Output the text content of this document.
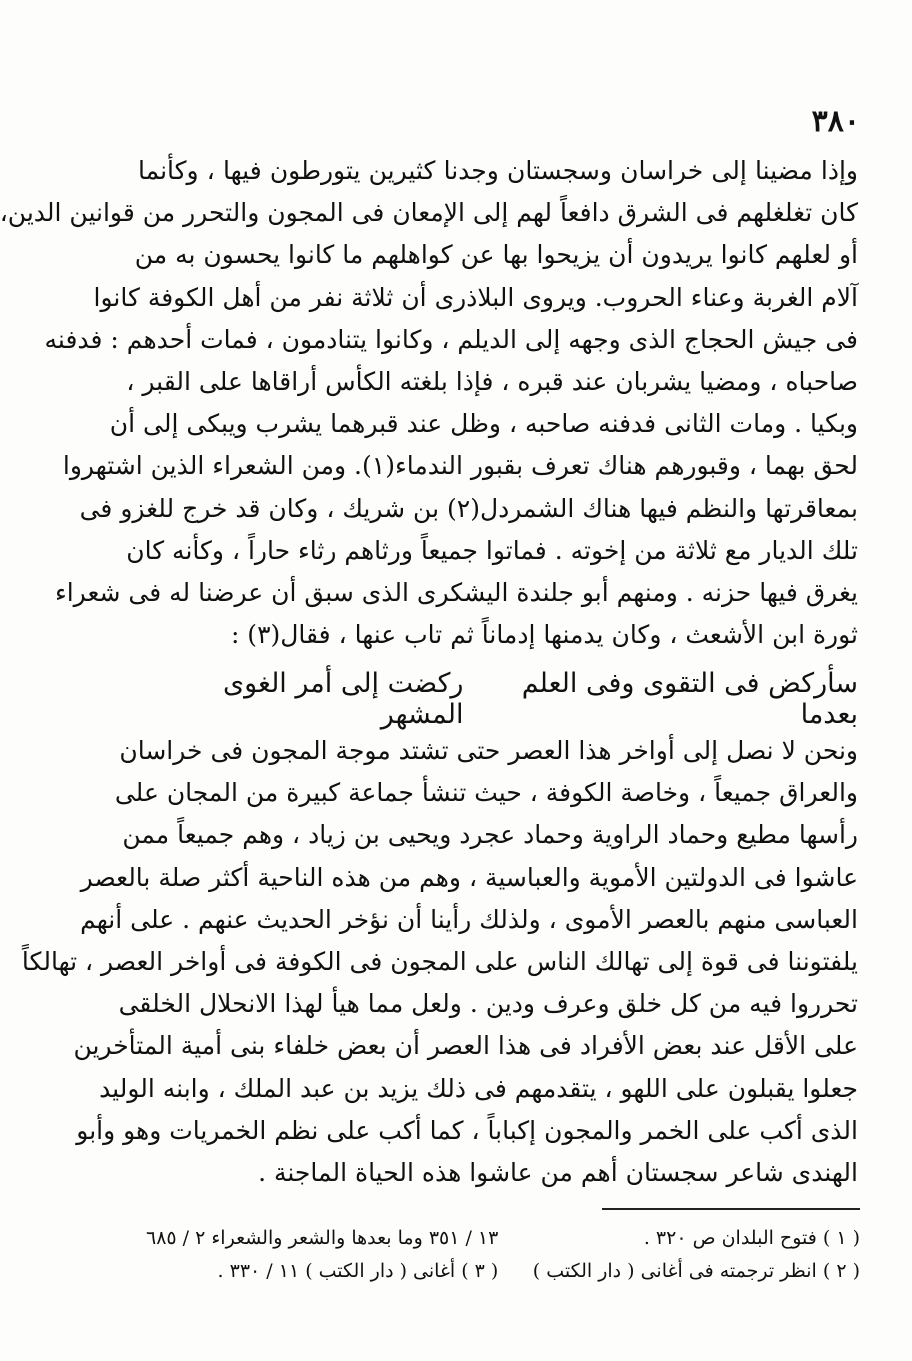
٣٨٠
وإذا مضينا إلى خراسان وسجستان وجدنا كثيرين يتورطون فيها ، وكأنما
كان تغلغلهم فى الشرق دافعاً لهم إلى الإمعان فى المجون والتحرر من قوانين الدين،
أو لعلهم كانوا يريدون أن يزيحوا بها عن كواهلهم ما كانوا يحسون به من
آلام الغربة وعناء الحروب. ويروى البلاذرى أن ثلاثة نفر من أهل الكوفة كانوا
فى جيش الحجاج الذى وجهه إلى الديلم ، وكانوا يتنادمون ، فمات أحدهم : فدفنه
صاحباه ، ومضيا يشربان عند قبره ، فإذا بلغته الكأس أراقاها على القبر ،
وبكيا . ومات الثانى فدفنه صاحبه ، وظل عند قبرهما يشرب ويبكى إلى أن
لحق بهما ، وقبورهم هناك تعرف بقبور الندماء(١). ومن الشعراء الذين اشتهروا
بمعاقرتها والنظم فيها هناك الشمردل(٢) بن شريك ، وكان قد خرج للغزو فى
تلك الديار مع ثلاثة من إخوته . فماتوا جميعاً ورثاهم رثاء حاراً ، وكأنه كان
يغرق فيها حزنه . ومنهم أبو جلندة اليشكرى الذى سبق أن عرضنا له فى شعراء
ثورة ابن الأشعث ، وكان يدمنها إدماناً ثم تاب عنها ، فقال(٣) :
سأركض فى التقوى وفى العلم بعدما
ركضت إلى أمر الغوى المشهر
ونحن لا نصل إلى أواخر هذا العصر حتى تشتد موجة المجون فى خراسان
والعراق جميعاً ، وخاصة الكوفة ، حيث تنشأ جماعة كبيرة من المجان على
رأسها مطيع وحماد الراوية وحماد عجرد ويحيى بن زياد ، وهم جميعاً ممن
عاشوا فى الدولتين الأموية والعباسية ، وهم من هذه الناحية أكثر صلة بالعصر
العباسى منهم بالعصر الأموى ، ولذلك رأينا أن نؤخر الحديث عنهم . على أنهم
يلفتوننا فى قوة إلى تهالك الناس على المجون فى الكوفة فى أواخر العصر ، تهالكاً
تحرروا فيه من كل خلق وعرف ودين . ولعل مما هيأ لهذا الانحلال الخلقى
على الأقل عند بعض الأفراد فى هذا العصر أن بعض خلفاء بنى أمية المتأخرين
جعلوا يقبلون على اللهو ، يتقدمهم فى ذلك يزيد بن عبد الملك ، وابنه الوليد
الذى أكب على الخمر والمجون إكباباً ، كما أكب على نظم الخمريات وهو وأبو
الهندى شاعر سجستان أهم من عاشوا هذه الحياة الماجنة .
( ١ ) فتوح البلدان ص ٣٢٠ .
( ٢ ) انظر ترجمته فى أغانى ( دار الكتب )
١٣ / ٣٥١ وما بعدها والشعر والشعراء ٢ / ٦٨٥
( ٣ ) أغانى ( دار الكتب ) ١١ / ٣٣٠ .
